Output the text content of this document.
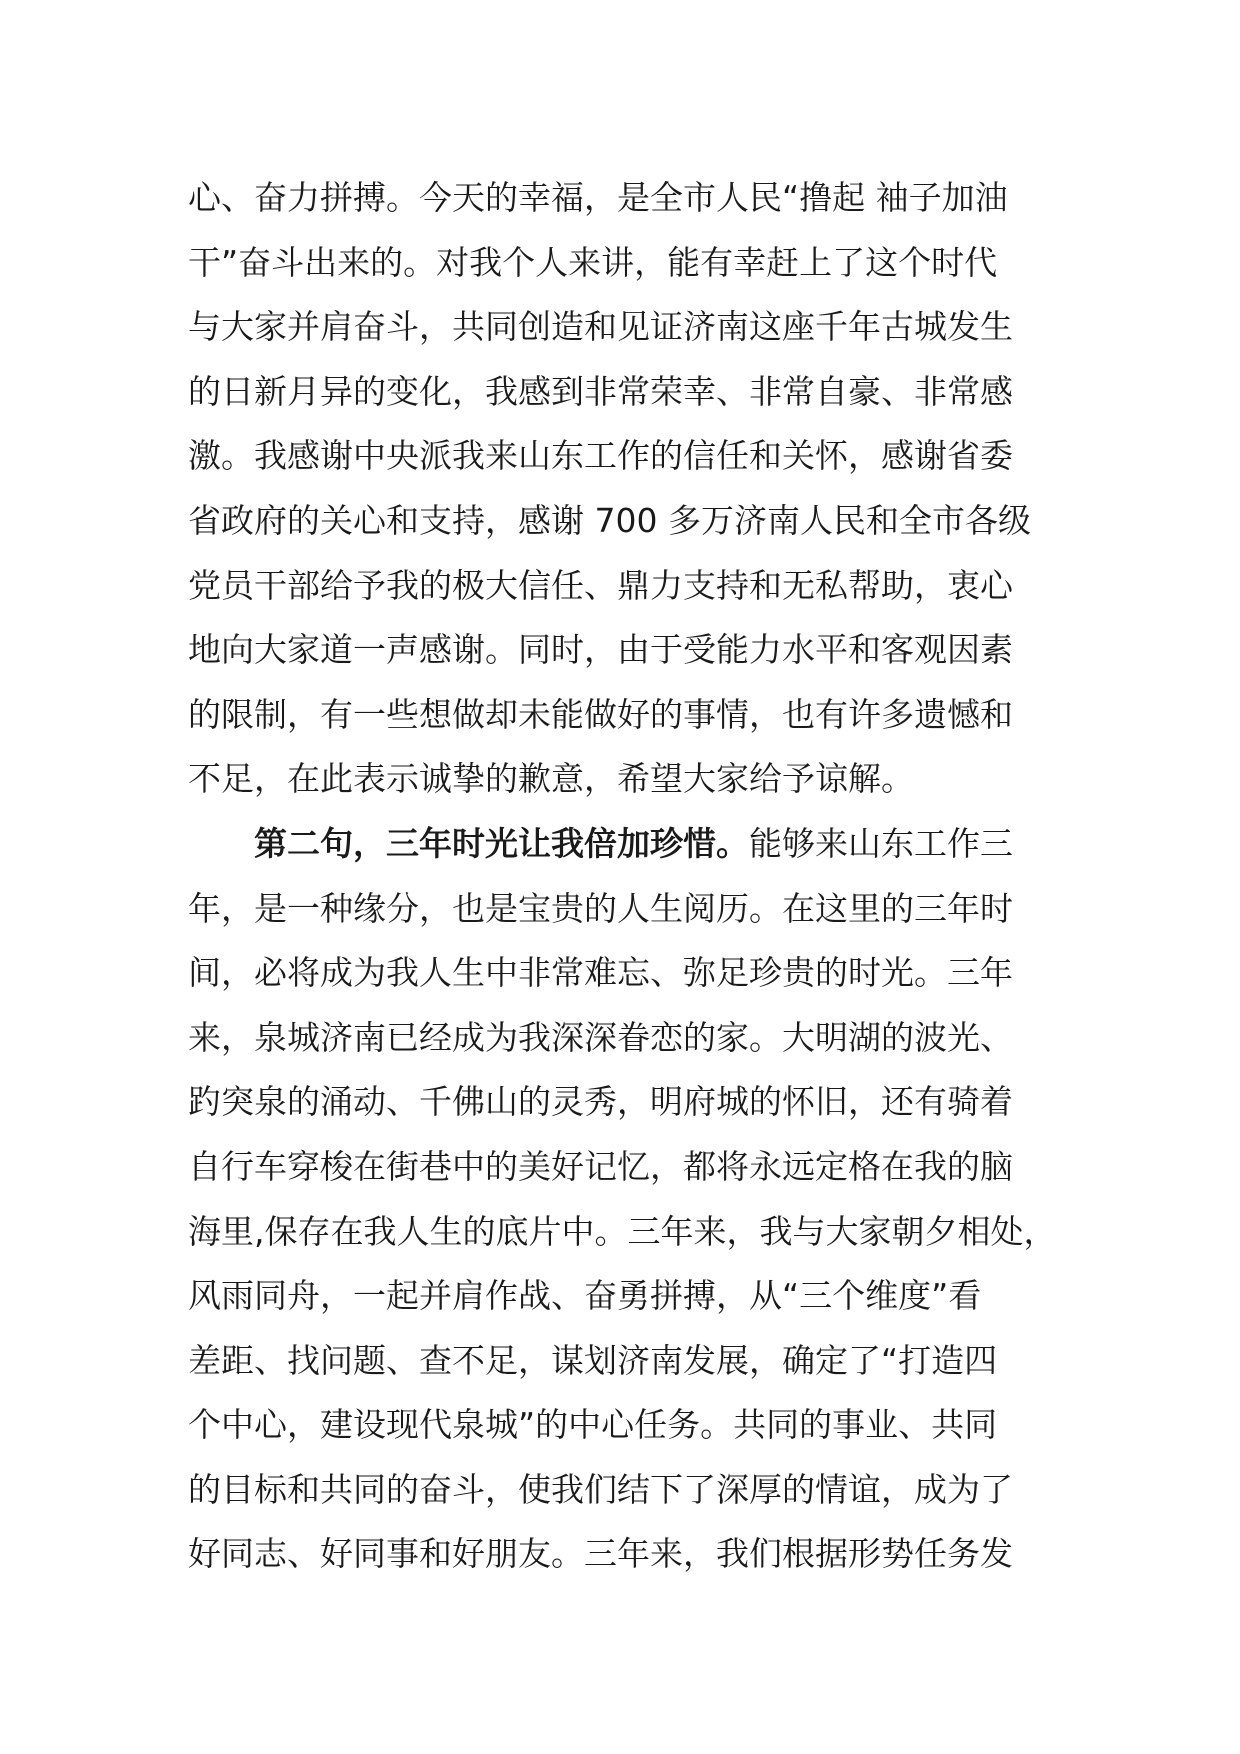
心、奋力拼搏。今天的幸福，是全市人民“撸起 袖子加油
干”奋斗出来的。对我个人来讲，能有幸赶上了这个时代
与大家并肩奋斗，共同创造和见证济南这座千年古城发生
的日新月异的变化，我感到非常荣幸、非常自豪、非常感
激。我感谢中央派我来山东工作的信任和关怀，感谢省委
省政府的关心和支持，感谢 700 多万济南人民和全市各级
党员干部给予我的极大信任、鼎力支持和无私帮助，衷心
地向大家道一声感谢。同时，由于受能力水平和客观因素
的限制，有一些想做却未能做好的事情，也有许多遗憾和
不足，在此表示诚挚的歉意，希望大家给予谅解。
第二句，三年时光让我倍加珍惜。能够来山东工作三
年，是一种缘分，也是宝贵的人生阅历。在这里的三年时
间，必将成为我人生中非常难忘、弥足珍贵的时光。三年
来，泉城济南已经成为我深深眷恋的家。大明湖的波光、
趵突泉的涌动、千佛山的灵秀，明府城的怀旧，还有骑着
自行车穿梭在街巷中的美好记忆，都将永远定格在我的脑
海里,保存在我人生的底片中。三年来，我与大家朝夕相处，
风雨同舟，一起并肩作战、奋勇拼搏，从“三个维度”看
差距、找问题、查不足，谋划济南发展，确定了“打造四
个中心，建设现代泉城”的中心任务。共同的事业、共同
的目标和共同的奋斗，使我们结下了深厚的情谊，成为了
好同志、好同事和好朋友。三年来，我们根据形势任务发
